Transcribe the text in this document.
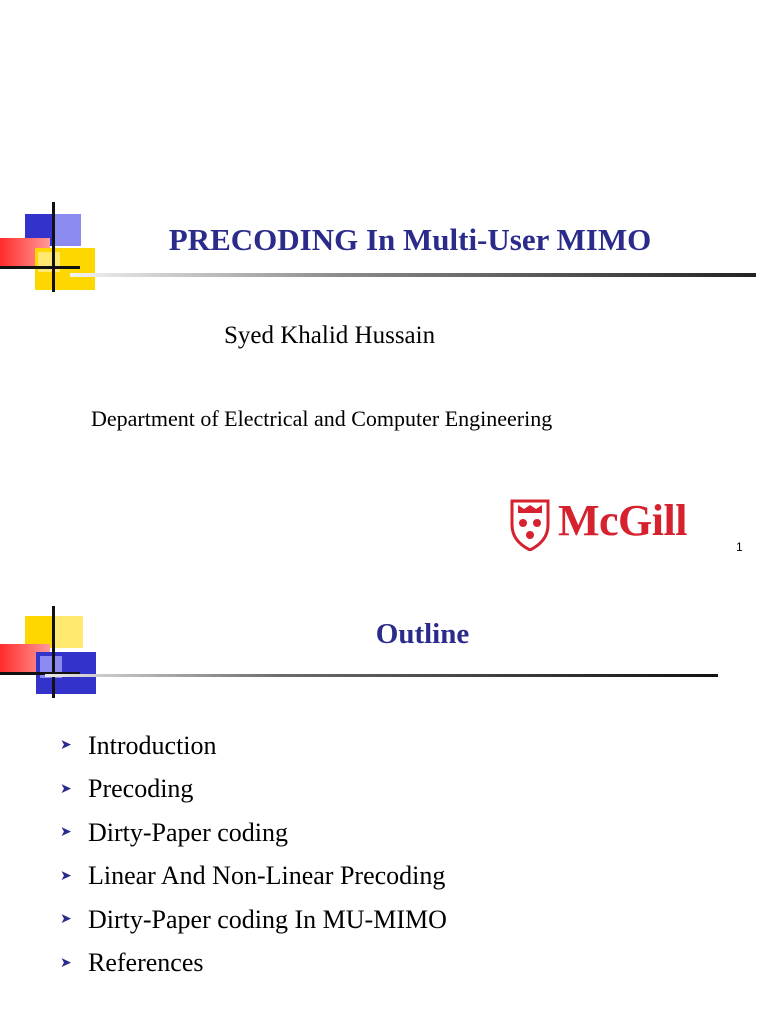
PRECODING In Multi-User MIMO
Syed Khalid Hussain
Department of Electrical and Computer Engineering
McGill
1
Outline
➤ Introduction
➤ Precoding
➤ Dirty-Paper coding
➤ Linear And Non-Linear Precoding
➤ Dirty-Paper coding In MU-MIMO
➤ References
